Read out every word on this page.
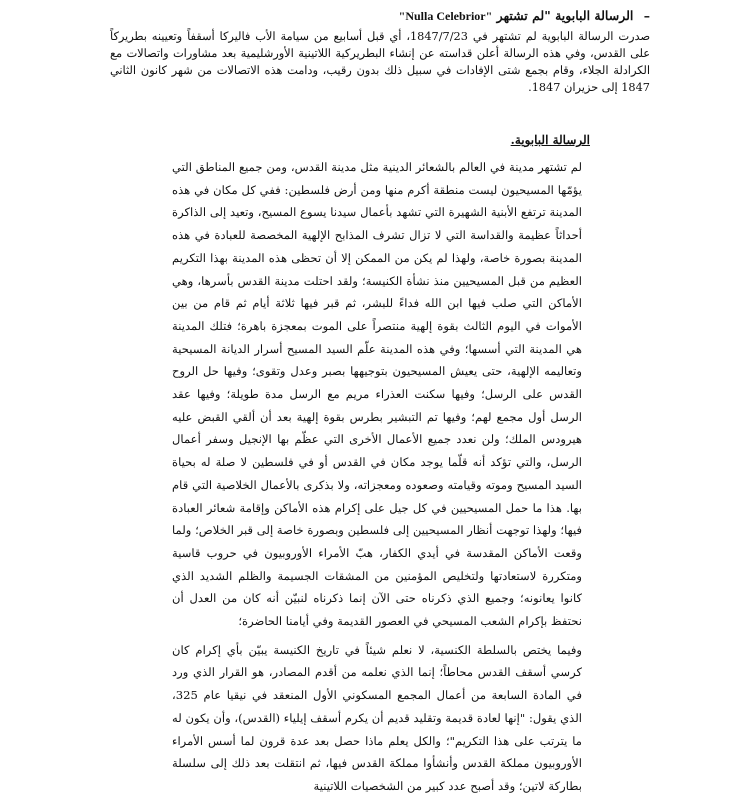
– الرسالة البابوية "لم تشتهر "Nulla Celebrior"
صدرت الرسالة البابوية لم تشتهر في 1847/7/23، أي قبل أسابيع من سيامة الأب فاليركا أسقفاً وتعيينه بطريركاً على القدس، وفي هذه الرسالة أعلن قداسته عن إنشاء البطريركية اللاتينية الأورشليمية بعد مشاورات واتصالات مع الكرادلة الجلاء، وقام بجمع شتى الإفادات في سبيل ذلك بدون رقيب، ودامت هذه الاتصالات من شهر كانون الثاني 1847 إلى حزيران 1847.
الرسالة البابوية.

لم تشتهر مدينة في العالم بالشعائر الدينية مثل مدينة القدس، ومن جميع المناطق التي يؤمّها المسيحيون ليست منطقة أكرم منها ومن أرض فلسطين: ففي كل مكان في هذه المدينة ترتفع الأبنية الشهيرة التي تشهد بأعمال سيدنا يسوع المسيح، وتعيد إلى الذاكرة أحداثاً عظيمة والقداسة التي لا تزال تشرف المذابح الإلهية المخصصة للعبادة في هذه المدينة بصورة خاصة، ولهذا لم يكن من الممكن إلا أن تحظى هذه المدينة بهذا التكريم العظيم من قبل المسيحيين منذ نشأة الكنيسة؛ ولقد احتلت مدينة القدس بأسرها، وهي الأماكن التي صلب فيها ابن الله فداءً للبشر، ثم قبر فيها ثلاثة أيام ثم قام من بين الأموات في اليوم الثالث بقوة إلهية منتصراً على الموت بمعجزة باهرة؛ فتلك المدينة هي المدينة التي أسسها؛ وفي هذه المدينة علّم السيد المسيح أسرار الديانة المسيحية وتعاليمه الإلهية، حتى يعيش المسيحيون بتوجيهها بصبر وعدل وتقوى؛ وفيها حل الروح القدس على الرسل؛ وفيها سكنت العذراء مريم مع الرسل مدة طويلة؛ وفيها عقد الرسل أول مجمع لهم؛ وفيها تم التبشير بطرس بقوة إلهية بعد أن ألقي القبض عليه هيرودس الملك؛ ولن نعدد جميع الأعمال الأخرى التي عظّم بها الإنجيل وسفر أعمال الرسل، والتي تؤكد أنه قلّما يوجد مكان في القدس أو في فلسطين لا صلة له بحياة السيد المسيح وموته وقيامته وصعوده ومعجزاته، ولا بذكرى بالأعمال الخلاصية التي قام بها. هذا ما حمل المسيحيين في كل جيل على إكرام هذه الأماكن وإقامة شعائر العبادة فيها؛ ولهذا توجهت أنظار المسيحيين إلى فلسطين وبصورة خاصة إلى قبر الخلاص؛ ولما وقعت الأماكن المقدسة في أيدي الكفار، هبّ الأمراء الأوروبيون في حروب قاسية ومتكررة لاستعادتها ولتخليص المؤمنين من المشقات الجسيمة والظلم الشديد الذي كانوا يعانونه؛ وجميع الذي ذكرناه حتى الآن إنما ذكرناه لنبيّن أنه كان من العدل أن نحتفظ بإكرام الشعب المسيحي في العصور القديمة وفي أيامنا الحاضرة؛

وفيما يختص بالسلطة الكنسية، لا نعلم شيئاً في تاريخ الكنيسة يبيّن بأي إكرام كان كرسي أسقف القدس محاطاً؛ إنما الذي نعلمه من أقدم المصادر، هو القرار الذي ورد في المادة السابعة من أعمال المجمع المسكوني الأول المنعقد في نيقيا عام 325، الذي يقول: "إنها لعادة قديمة وتقليد قديم أن يكرم أسقف إيلياء (القدس)، وأن يكون له ما يترتب على هذا التكريم"؛ والكل يعلم ماذا حصل بعد عدة قرون لما أسس الأمراء الأوروبيون مملكة القدس وأنشأوا مملكة القدس فيها، ثم انتقلت بعد ذلك إلى سلسلة بطاركة لاتين؛ وقد أصبح عدد كبير من الشخصيات اللاتينية
